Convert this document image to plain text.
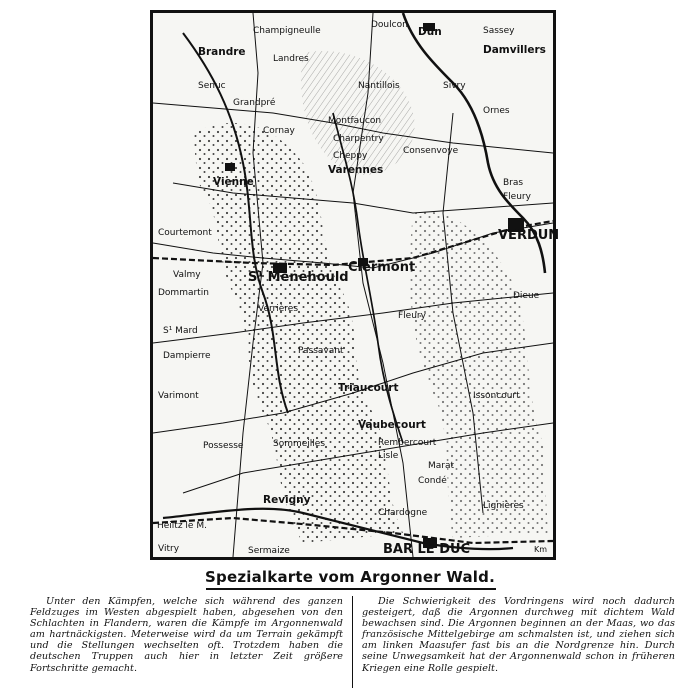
Brandre
Champigneulle
Landres
Dun
Doulcon
Sassey
Damvillers
Senuc
Grandpré
Cornay
Nantillois	Sivry
Ornes
Vienne
Varennes
Montfaucon
Charpentry
Cheppy	Consenvoye
Bras
Fleury
VERDUN
Courtemont
Clermont
S¹ Menehould
Dommartin
Valmy
Verrières
Passavant
Fleury
Dieue
S¹ Mard
Dampierre
Triaucourt
Vaubecourt
Rembercourt
Varimont
Possesse	Sommeilles
Revigny
Condé
Marat
Lignières
Heiltz le M.
Sermaize	BAR LE DUC
Issoncourt
Chardogne
Lisle
Vitry	Km
Spezialkarte vom Argonner Wald.

Unter den Kämpfen, welche sich während des ganzen Feldzuges im Westen abgespielt haben, abgesehen von den Schlachten in Flandern, waren die Kämpfe im Argonnenwald am hartnäckigsten. Meterweise wird da um Terrain gekämpft und die Stellungen wechselten oft. Trotzdem haben die deutschen Truppen auch hier in letzter Zeit größere Fortschritte gemacht.

Die Schwierigkeit des Vordringens wird noch dadurch gesteigert, daß die Argonnen durchweg mit dichtem Wald bewachsen sind. Die Argonnen beginnen an der Maas, wo das französische Mittelgebirge am schmalsten ist, und ziehen sich am linken Maasufer fast bis an die Nordgrenze hin. Durch seine Unwegsamkeit hat der Argonnenwald schon in früheren Kriegen eine Rolle gespielt.
